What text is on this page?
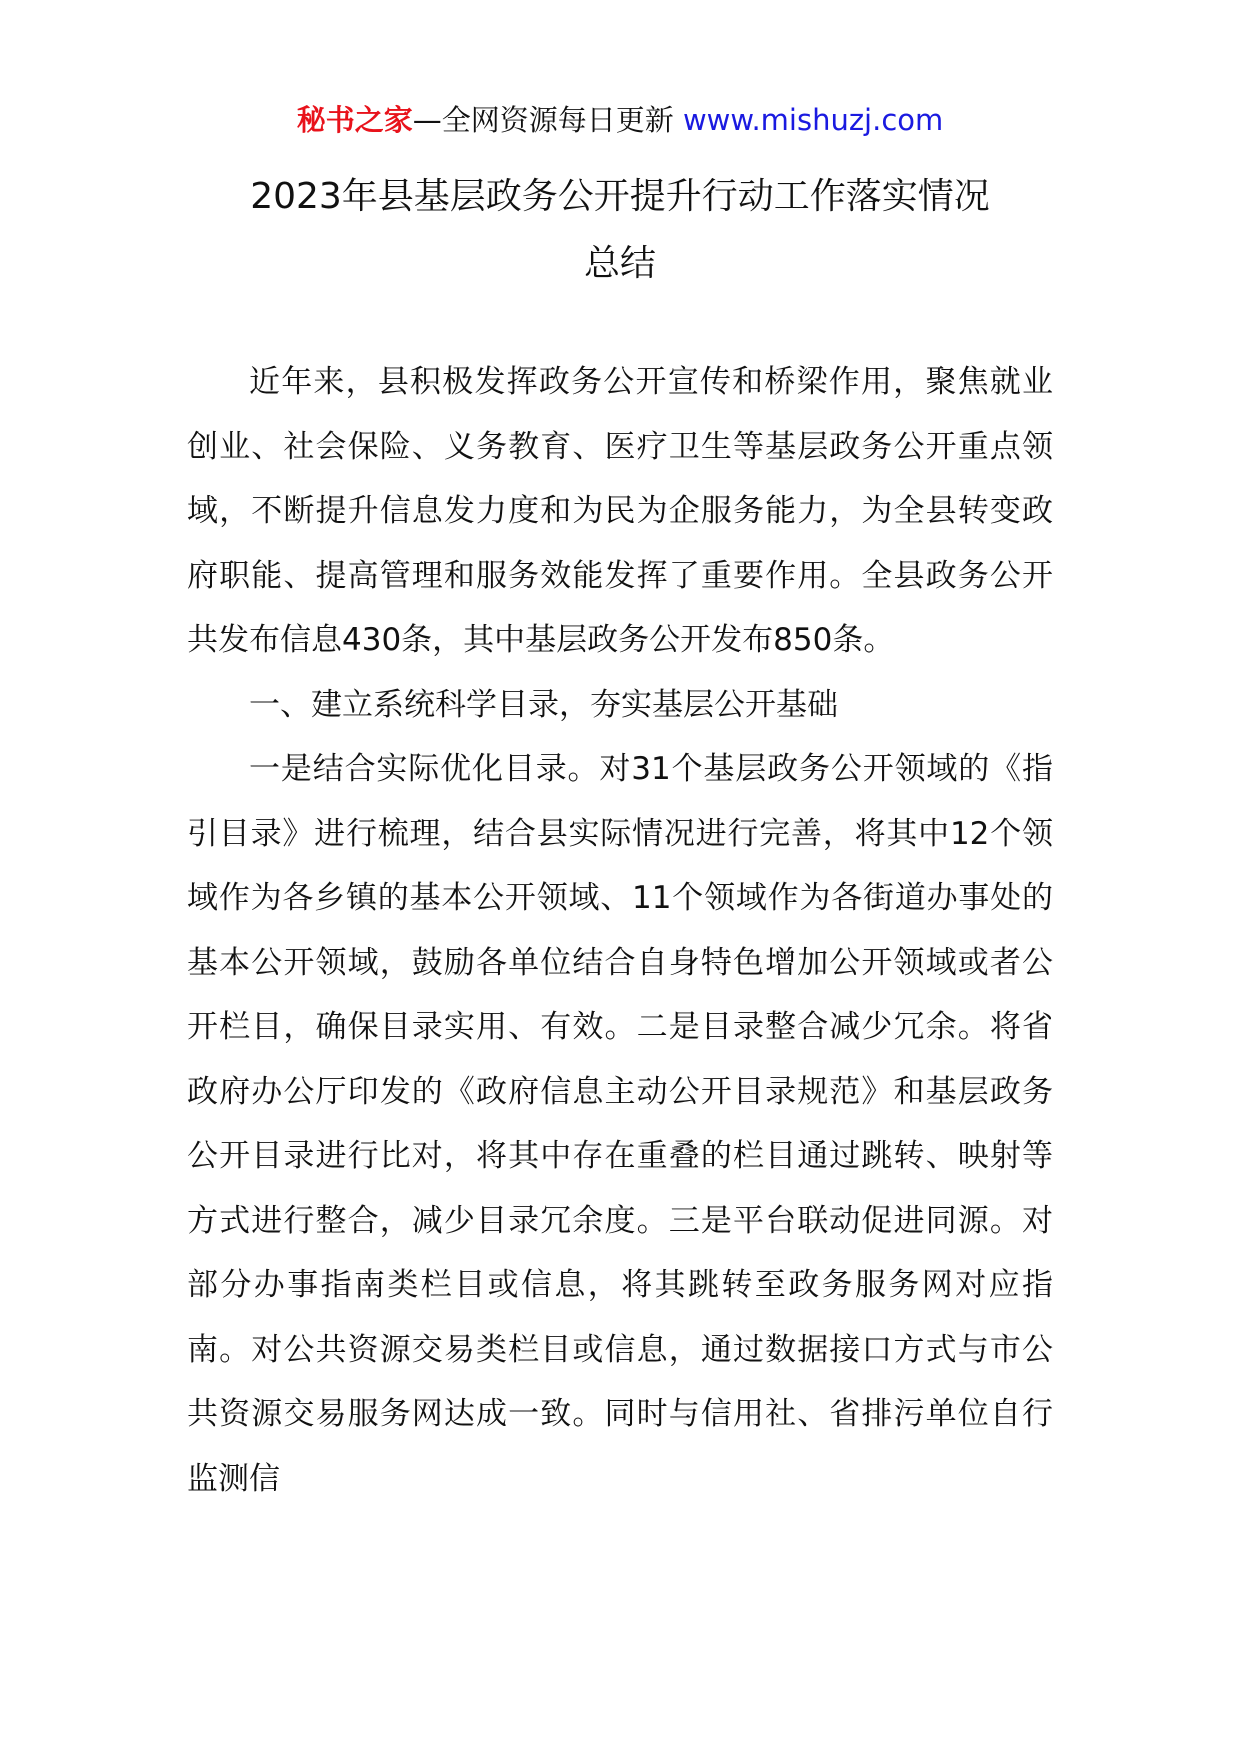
秘书之家—全网资源每日更新 www.mishuzj.com
2023年县基层政务公开提升行动工作落实情况
总结

近年来，县积极发挥政务公开宣传和桥梁作用，聚焦就业创业、社会保险、义务教育、医疗卫生等基层政务公开重点领域，不断提升信息发力度和为民为企服务能力，为全县转变政府职能、提高管理和服务效能发挥了重要作用。全县政务公开共发布信息430条，其中基层政务公开发布850条。

一、建立系统科学目录，夯实基层公开基础

一是结合实际优化目录。对31个基层政务公开领域的《指引目录》进行梳理，结合县实际情况进行完善，将其中12个领域作为各乡镇的基本公开领域、11个领域作为各街道办事处的基本公开领域，鼓励各单位结合自身特色增加公开领域或者公开栏目，确保目录实用、有效。二是目录整合减少冗余。将省政府办公厅印发的《政府信息主动公开目录规范》和基层政务公开目录进行比对，将其中存在重叠的栏目通过跳转、映射等方式进行整合，减少目录冗余度。三是平台联动促进同源。对部分办事指南类栏目或信息，将其跳转至政务服务网对应指南。对公共资源交易类栏目或信息，通过数据接口方式与市公共资源交易服务网达成一致。同时与信用社、省排污单位自行监测信
